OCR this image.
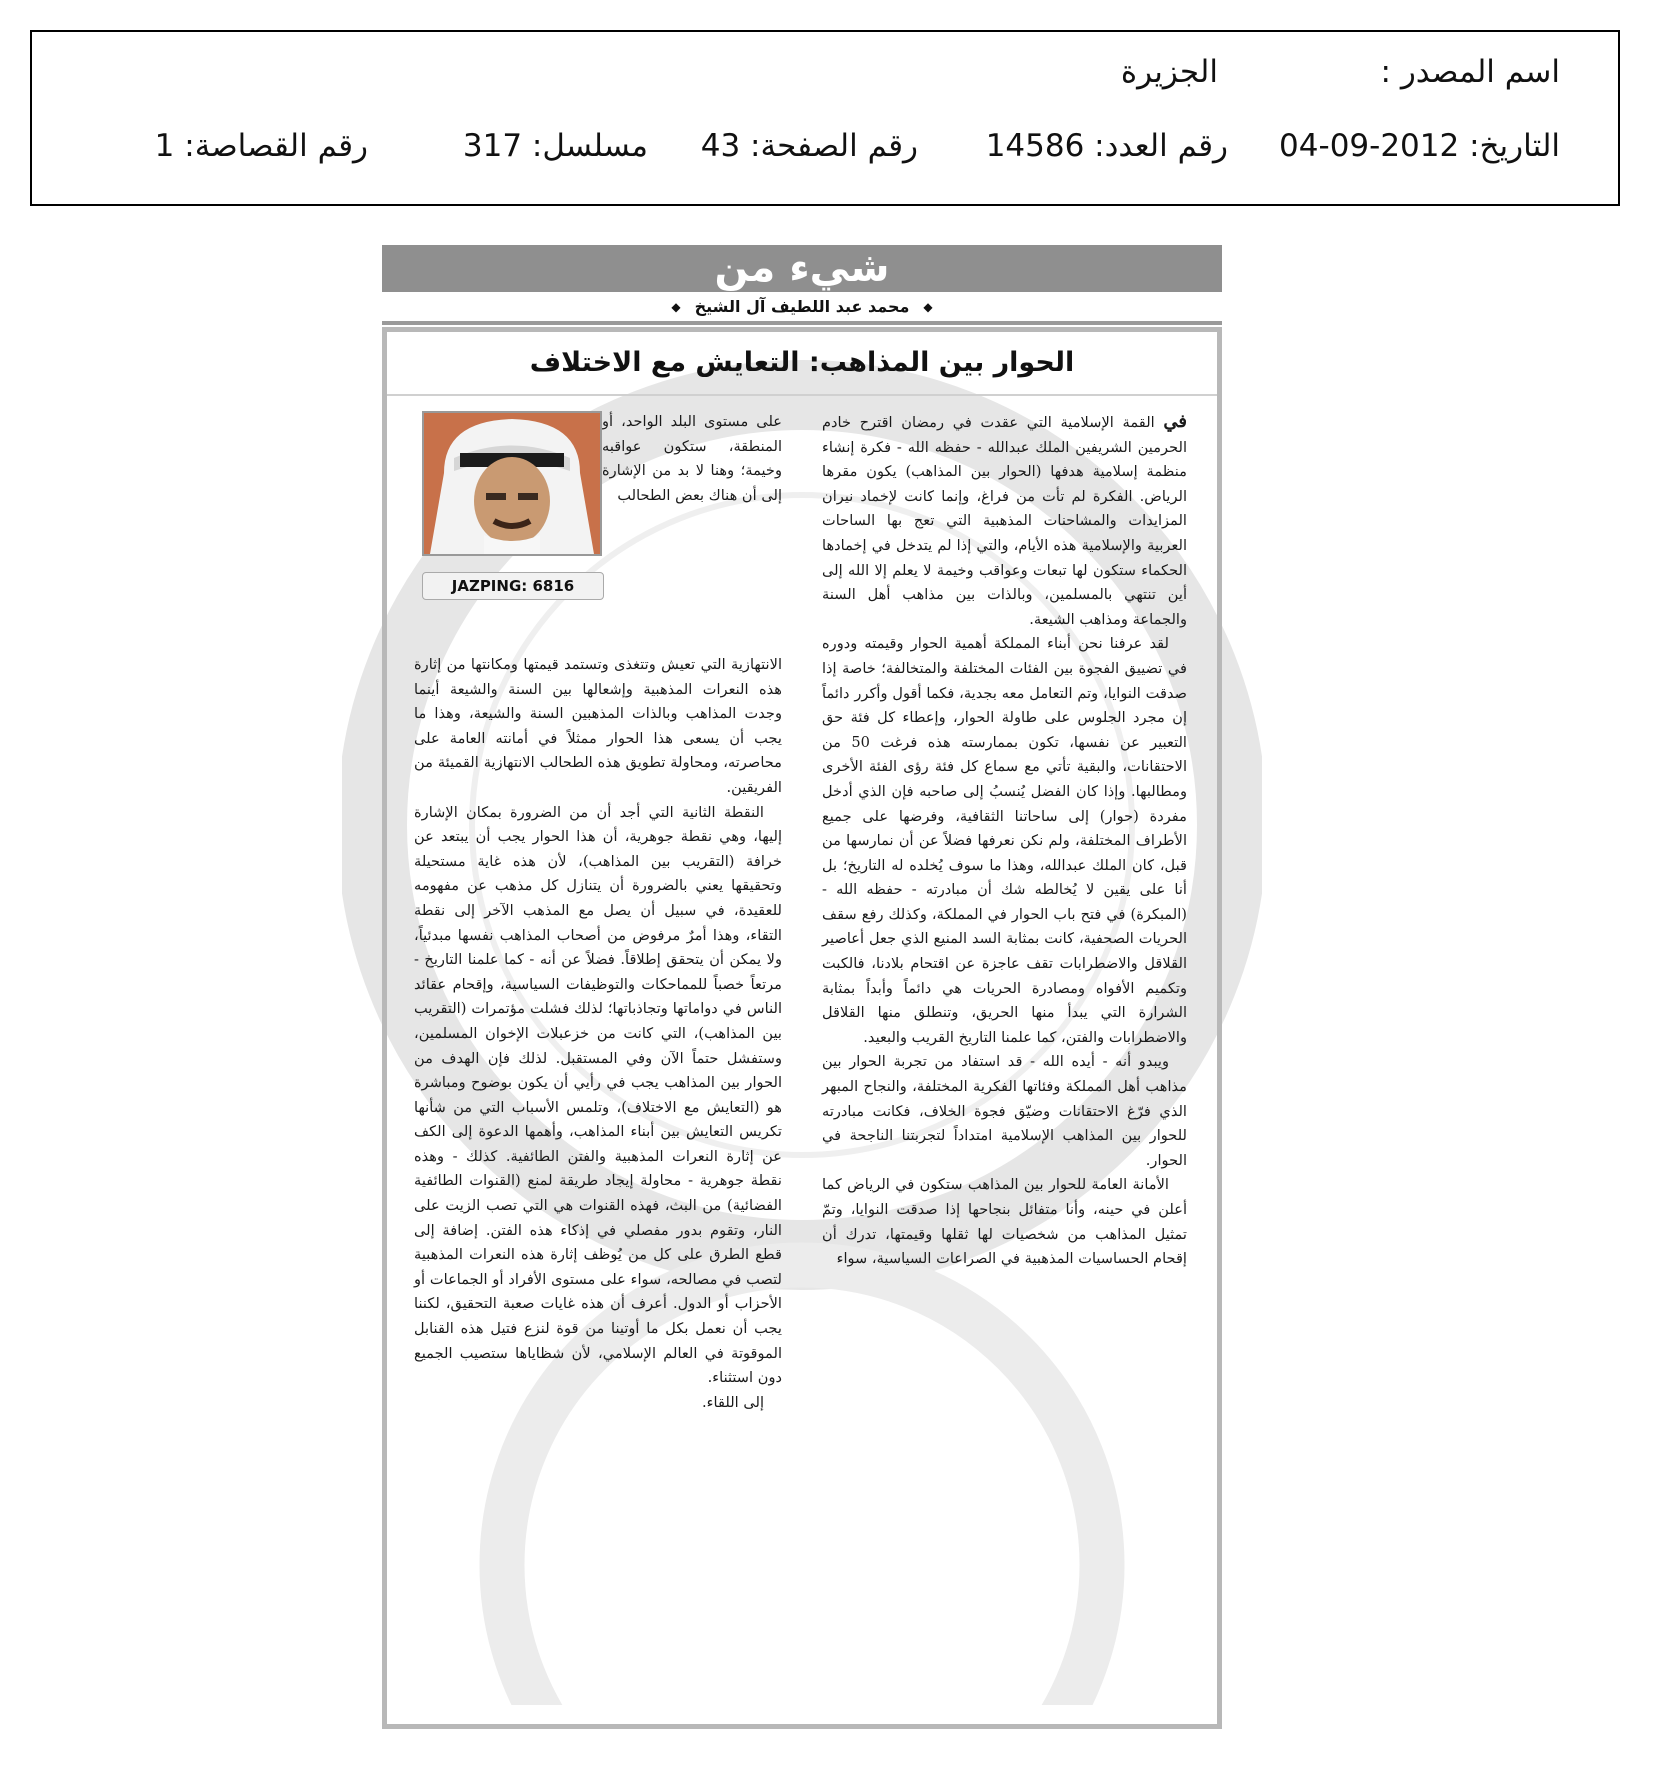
اسم المصدر :
الجزيرة
التاريخ: 2012-09-04
رقم العدد: 14586
رقم الصفحة: 43
مسلسل: 317
رقم القصاصة: 1
شيء من
◆محمد عبد اللطيف آل الشيخ◆
الحوار بين المذاهب: التعايش مع الاختلاف

في القمة الإسلامية التي عقدت في رمضان اقترح خادم الحرمين الشريفين الملك عبدالله - حفظه الله - فكرة إنشاء منظمة إسلامية هدفها (الحوار بين المذاهب) يكون مقرها الرياض. الفكرة لم تأت من فراغ، وإنما كانت لإخماد نيران المزايدات والمشاحنات المذهبية التي تعج بها الساحات العربية والإسلامية هذه الأيام، والتي إذا لم يتدخل في إخمادها الحكماء ستكون لها تبعات وعواقب وخيمة لا يعلم إلا الله إلى أين تنتهي بالمسلمين، وبالذات بين مذاهب أهل السنة والجماعة ومذاهب الشيعة.

لقد عرفنا نحن أبناء المملكة أهمية الحوار وقيمته ودوره في تضييق الفجوة بين الفئات المختلفة والمتخالفة؛ خاصة إذا صدقت النوايا، وتم التعامل معه بجدية، فكما أقول وأكرر دائماً إن مجرد الجلوس على طاولة الحوار، وإعطاء كل فئة حق التعبير عن نفسها، تكون بممارسته هذه فرغت 50 من الاحتقانات، والبقية تأتي مع سماع كل فئة رؤى الفئة الأخرى ومطالبها. وإذا كان الفضل يُنسبُ إلى صاحبه فإن الذي أدخل مفردة (حوار) إلى ساحاتنا الثقافية، وفرضها على جميع الأطراف المختلفة، ولم نكن نعرفها فضلاً عن أن نمارسها من قبل، كان الملك عبدالله، وهذا ما سوف يُخلده له التاريخ؛ بل أنا على يقين لا يُخالطه شك أن مبادرته - حفظه الله - (المبكرة) في فتح باب الحوار في المملكة، وكذلك رفع سقف الحريات الصحفية، كانت بمثابة السد المنيع الذي جعل أعاصير القلاقل والاضطرابات تقف عاجزة عن اقتحام بلادنا، فالكبت وتكميم الأفواه ومصادرة الحريات هي دائماً وأبداً بمثابة الشرارة التي يبدأ منها الحريق، وتنطلق منها القلاقل والاضطرابات والفتن، كما علمنا التاريخ القريب والبعيد.

ويبدو أنه - أيده الله - قد استفاد من تجربة الحوار بين مذاهب أهل المملكة وفئاتها الفكرية المختلفة، والنجاح المبهر الذي فرّغ الاحتقانات وضيّق فجوة الخلاف، فكانت مبادرته للحوار بين المذاهب الإسلامية امتداداً لتجربتنا الناجحة في الحوار.

الأمانة العامة للحوار بين المذاهب ستكون في الرياض كما أعلن في حينه، وأنا متفائل بنجاحها إذا صدقت النوايا، وتمّ تمثيل المذاهب من شخصيات لها ثقلها وقيمتها، تدرك أن إقحام الحساسيات المذهبية في الصراعات السياسية، سواء

على مستوى البلد الواحد، أو المنطقة، ستكون عواقبه وخيمة؛ وهنا لا بد من الإشارة إلى أن هناك بعض الطحالب
JAZPING: 6816

الانتهازية التي تعيش وتتغذى وتستمد قيمتها ومكانتها من إثارة هذه النعرات المذهبية وإشعالها بين السنة والشيعة أينما وجدت المذاهب وبالذات المذهبين السنة والشيعة، وهذا ما يجب أن يسعى هذا الحوار ممثلاً في أمانته العامة على محاصرته، ومحاولة تطويق هذه الطحالب الانتهازية القميئة من الفريقين.

النقطة الثانية التي أجد أن من الضرورة بمكان الإشارة إليها، وهي نقطة جوهرية، أن هذا الحوار يجب أن يبتعد عن خرافة (التقريب بين المذاهب)، لأن هذه غاية مستحيلة وتحقيقها يعني بالضرورة أن يتنازل كل مذهب عن مفهومه للعقيدة، في سبيل أن يصل مع المذهب الآخر إلى نقطة التقاء، وهذا أمرٌ مرفوض من أصحاب المذاهب نفسها مبدئياً، ولا يمكن أن يتحقق إطلاقاً. فضلاً عن أنه - كما علمنا التاريخ - مرتعاً خصباً للمماحكات والتوظيفات السياسية، وإقحام عقائد الناس في دواماتها وتجاذباتها؛ لذلك فشلت مؤتمرات (التقريب بين المذاهب)، التي كانت من خزعبلات الإخوان المسلمين، وستفشل حتماً الآن وفي المستقبل. لذلك فإن الهدف من الحوار بين المذاهب يجب في رأيي أن يكون بوضوح ومباشرة هو (التعايش مع الاختلاف)، وتلمس الأسباب التي من شأنها تكريس التعايش بين أبناء المذاهب، وأهمها الدعوة إلى الكف عن إثارة النعرات المذهبية والفتن الطائفية. كذلك - وهذه نقطة جوهرية - محاولة إيجاد طريقة لمنع (القنوات الطائفية الفضائية) من البث، فهذه القنوات هي التي تصب الزيت على النار، وتقوم بدور مفصلي في إذكاء هذه الفتن. إضافة إلى قطع الطرق على كل من يُوظف إثارة هذه النعرات المذهبية لتصب في مصالحه، سواء على مستوى الأفراد أو الجماعات أو الأحزاب أو الدول. أعرف أن هذه غايات صعبة التحقيق، لكننا يجب أن نعمل بكل ما أوتينا من قوة لنزع فتيل هذه القنابل الموقوتة في العالم الإسلامي، لأن شظاياها ستصيب الجميع دون استثناء.

إلى اللقاء.
